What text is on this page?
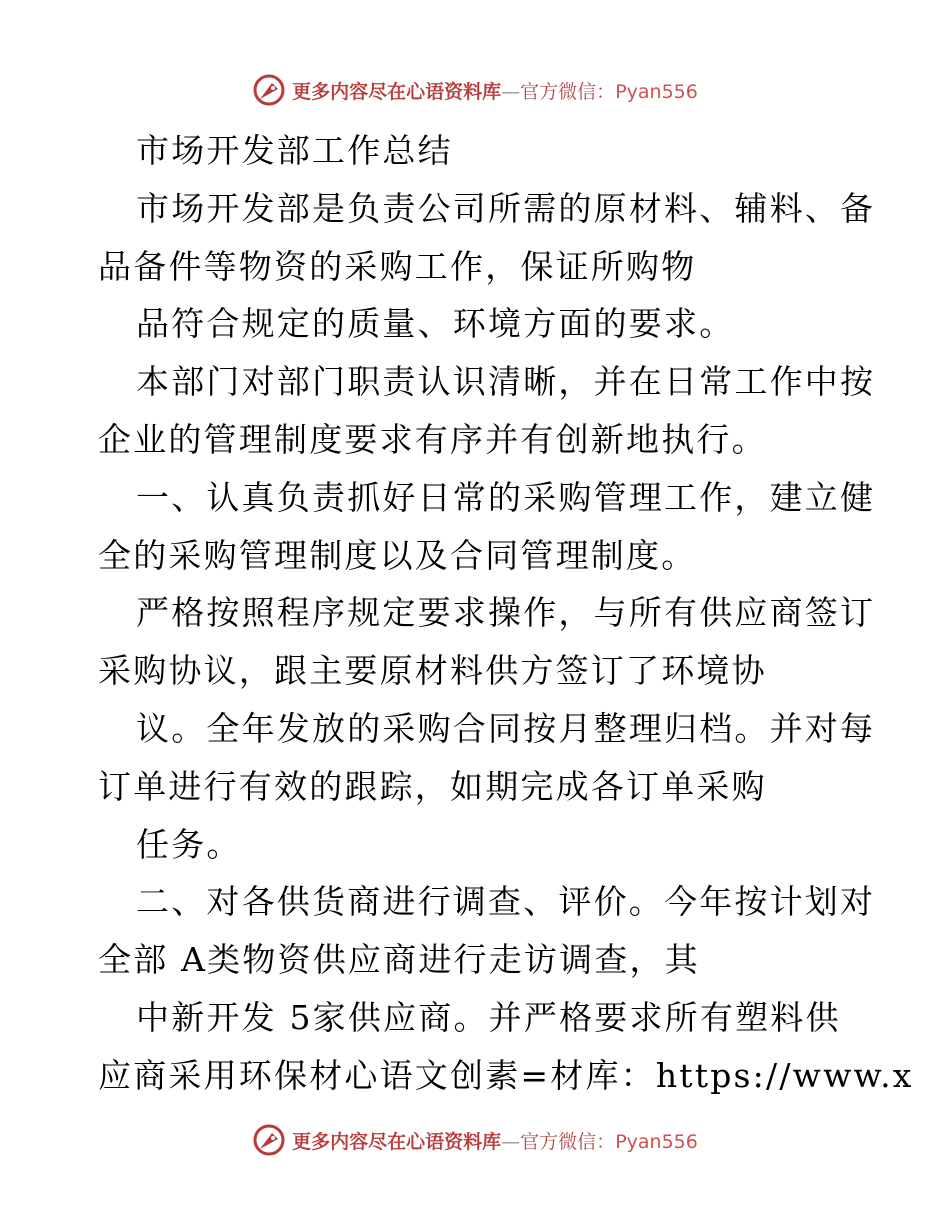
更多内容尽在心语资料库—官方微信：Pyan556
市场开发部工作总结
市场开发部是负责公司所需的原材料、辅料、备
品备件等物资的采购工作，保证所购物
品符合规定的质量、环境方面的要求。
本部门对部门职责认识清晰，并在日常工作中按
企业的管理制度要求有序并有创新地执行。
一、认真负责抓好日常的采购管理工作，建立健
全的采购管理制度以及合同管理制度。
严格按照程序规定要求操作，与所有供应商签订
采购协议，跟主要原材料供方签订了环境协
议。全年发放的采购合同按月整理归档。并对每
订单进行有效的跟踪，如期完成各订单采购
任务。
二、对各供货商进行调查、评价。今年按计划对
全部 A类物资供应商进行走访调查，其
中新开发 5家供应商。并严格要求所有塑料供
应商采用环保材心语文创素=材库：https://www.x
更多内容尽在心语资料库—官方微信：Pyan556
